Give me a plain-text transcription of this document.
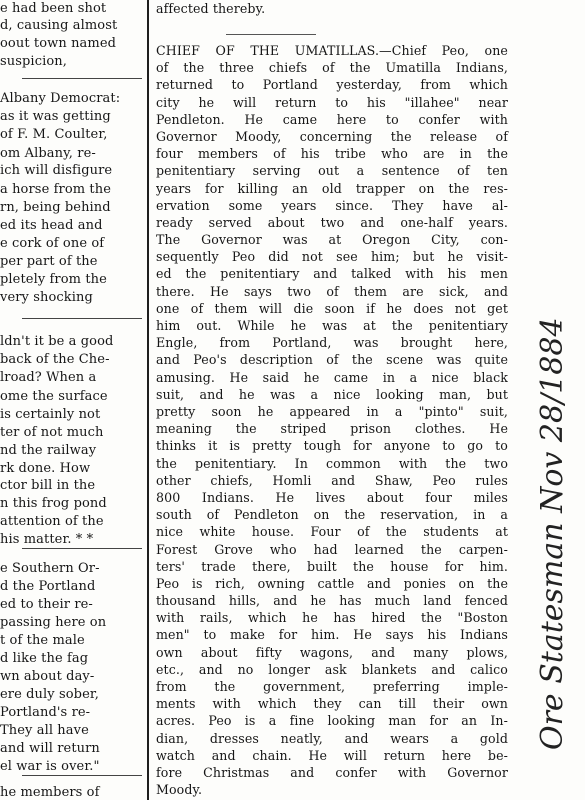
e had been shot
d, causing almost
oout town named
suspicion,
Albany Democrat:
as it was getting
of F. M. Coulter,
om Albany, re-
ich will disfigure
a horse from the
rn, being behind
ed its head and
e cork of one of
per part of the
pletely from the
very shocking
ldn't it be a good
back of the Che-
lroad? When a
ome the surface
is certainly not
ter of not much
nd the railway
rk done. How
ctor bill in the
n this frog pond
attention of the
his matter. * *
e Southern Or-
d the Portland
ed to their re-
passing here on
t of the male
d like the fag
wn about day-
ere duly sober,
Portland's re-
They all have
and will return
el war is over."
he members of
affected thereby.
CHIEF OF THE UMATILLAS.—Chief Peo, one
of the three chiefs of the Umatilla Indians,
returned to Portland yesterday, from which
city he will return to his "illahee" near
Pendleton. He came here to confer with
Governor Moody, concerning the release of
four members of his tribe who are in the
penitentiary serving out a sentence of ten
years for killing an old trapper on the res-
ervation some years since. They have al-
ready served about two and one-half years.
The Governor was at Oregon City, con-
sequently Peo did not see him; but he visit-
ed the penitentiary and talked with his men
there. He says two of them are sick, and
one of them will die soon if he does not get
him out. While he was at the penitentiary
Engle, from Portland, was brought here,
and Peo's description of the scene was quite
amusing. He said he came in a nice black
suit, and he was a nice looking man, but
pretty soon he appeared in a "pinto" suit,
meaning the striped prison clothes. He
thinks it is pretty tough for anyone to go to
the penitentiary. In common with the two
other chiefs, Homli and Shaw, Peo rules
800 Indians. He lives about four miles
south of Pendleton on the reservation, in a
nice white house. Four of the students at
Forest Grove who had learned the carpen-
ters' trade there, built the house for him.
Peo is rich, owning cattle and ponies on the
thousand hills, and he has much land fenced
with rails, which he has hired the "Boston
men" to make for him. He says his Indians
own about fifty wagons, and many plows,
etc., and no longer ask blankets and calico
from the government, preferring imple-
ments with which they can till their own
acres. Peo is a fine looking man for an In-
dian, dresses neatly, and wears a gold
watch and chain. He will return here be-
fore Christmas and confer with Governor
Moody.
Ore Statesman Nov 28/1884
